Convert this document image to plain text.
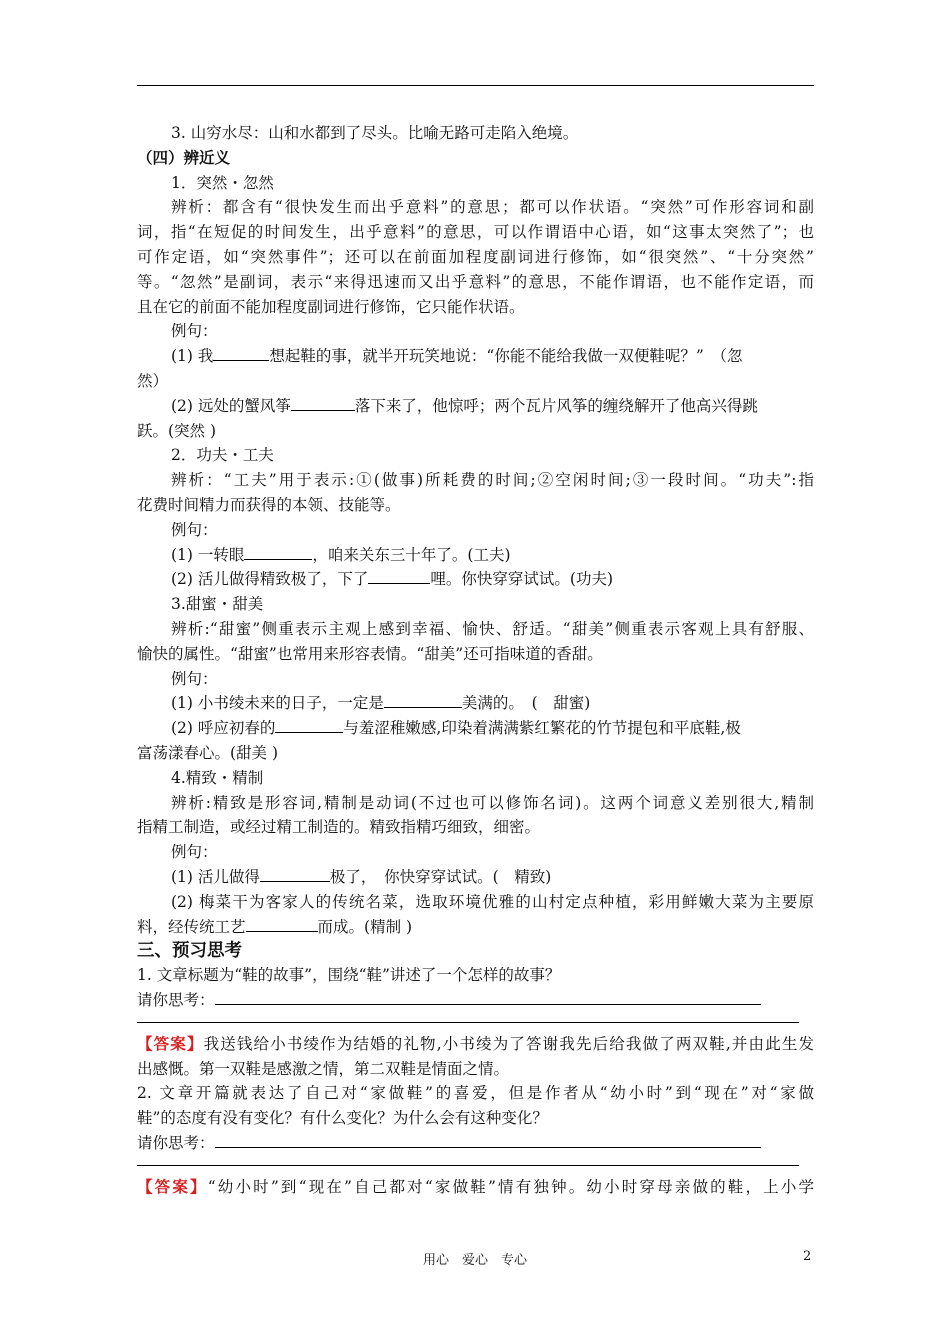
3. 山穷水尽：山和水都到了尽头。比喻无路可走陷入绝境。
（四）辨近义
1．突然・忽然
辨析：都含有“很快发生而出乎意料”的意思；都可以作状语。“突然”可作形容词和副
词，指“在短促的时间发生，出乎意料”的意思，可以作谓语中心语，如“这事太突然了”；也
可作定语，如“突然事件”；还可以在前面加程度副词进行修饰，如“很突然”、“十分突然”
等。“忽然”是副词，表示“来得迅速而又出乎意料”的意思，不能作谓语，也不能作定语，而
且在它的前面不能加程度副词进行修饰，它只能作状语。
例句：
(1) 我	想起鞋的事，就半开玩笑地说：“你能不能给我做一双便鞋呢？”　（忽
然）
(2) 远处的蟹风筝	落下来了，他惊呼；两个瓦片风筝的缠绕解开了他高兴得跳
跃。(突然 )
2．功夫・工夫
辨析：“工夫”用于表示:①(做事)所耗费的时间;②空闲时间;③一段时间。“功夫”:指
花费时间精力而获得的本领、技能等。
例句：
(1) 一转眼	，咱来关东三十年了。(工夫)
(2) 活儿做得精致极了，下了	哩。你快穿穿试试。(功夫)
3.甜蜜・甜美
辨析:“甜蜜”侧重表示主观上感到幸福、愉快、舒适。“甜美”侧重表示客观上具有舒服、
愉快的属性。“甜蜜”也常用来形容表情。“甜美”还可指味道的香甜。
例句：
(1) 小书绫未来的日子，一定是	美满的。　(　甜蜜)
(2) 呼应初春的	与羞涩稚嫩感,印染着满满紫红繁花的竹节提包和平底鞋,极
富荡漾春心。(甜美 )
4.精致・精制
辨析:精致是形容词,精制是动词(不过也可以修饰名词)。这两个词意义差别很大,精制
指精工制造，或经过精工制造的。精致指精巧细致，细密。
例句：
(1) 活儿做得	极了，　你快穿穿试试。(　精致)
(2) 梅菜干为客家人的传统名菜，选取环境优雅的山村定点种植，彩用鲜嫩大菜为主要原
料，经传统工艺	而成。(精制 )
三、预习思考
1. 文章标题为“鞋的故事”，围绕“鞋”讲述了一个怎样的故事？
请你思考：
【答案】我送钱给小书绫作为结婚的礼物,小书绫为了答谢我先后给我做了两双鞋,并由此生发
出感慨。第一双鞋是感激之情，第二双鞋是情面之情。
2. 文章开篇就表达了自己对“家做鞋”的喜爱，但是作者从“幼小时”到“现在”对“家做
鞋”的态度有没有变化？有什么变化？为什么会有这种变化？
请你思考：
【答案】“幼小时”到“现在”自己都对“家做鞋”情有独钟。幼小时穿母亲做的鞋，上小学
用心　爱心　专心	2
